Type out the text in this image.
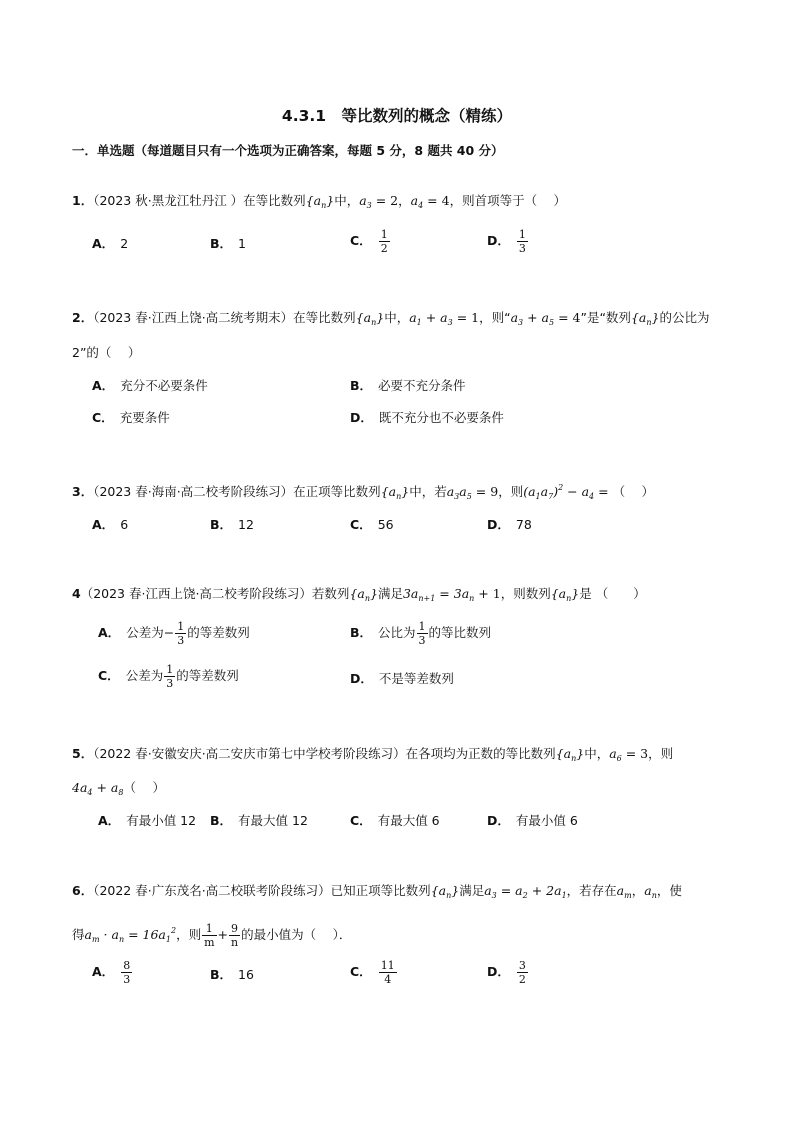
4.3.1　等比数列的概念（精练）
一．单选题（每道题目只有一个选项为正确答案，每题 5 分，8 题共 40 分）
1．（2023 秋·黑龙江牡丹江 ）在等比数列$\{a_n\}$中，$a_3 = 2$，$a_4 = 4$，则首项等于（　 ）
A． 2	B． 1	C． $\frac{1}{2}$	D． $\frac{1}{3}$
2．（2023 春·江西上饶·高二统考期末）在等比数列$\{a_n\}$中，$a_1 + a_3 = 1$，则“$a_3 + a_5 = 4$”是“数列$\{a_n\}$的公比为
2”的（　 ）
A． 充分不必要条件	B． 必要不充分条件
C． 充要条件	D． 既不充分也不必要条件
3．（2023 春·海南·高二校考阶段练习）在正项等比数列$\{a_n\}$中，若$a_3a_5 = 9$，则$(a_1a_7)^2 - a_4$ = （　 ）
A． 6	B． 12	C． 56	D． 78
4（2023 春·江西上饶·高二校考阶段练习）若数列$\{a_n\}$满足$3a_{n+1} = 3a_n + 1$，则数列$\{a_n\}$是 （　　）
A． 公差为− $\frac{1}{3}$ 的等差数列	B． 公比为 $\frac{1}{3}$ 的等比数列
C． 公差为 $\frac{1}{3}$ 的等差数列	D． 不是等差数列
5．（2022 春·安徽安庆·高二安庆市第七中学校考阶段练习）在各项均为正数的等比数列$\{a_n\}$中，$a_6 = 3$，则
$4a_4 + a_8$（　 ）
A． 有最小值 12 B． 有最大值 12	C． 有最大值 6	D． 有最小值 6
6．（2022 春·广东茂名·高二校联考阶段练习）已知正项等比数列$\{a_n\}$满足$a_3 = a_2 + 2a_1$，若存在$a_m$，$a_n$，使
得$a_m \cdot a_n = 16a_1^2$，则 $\frac{1}{m} + \frac{9}{n}$ 的最小值为（　 ）．
A． $\frac{8}{3}$	B． 16	C． $\frac{11}{4}$	D． $\frac{3}{2}$
